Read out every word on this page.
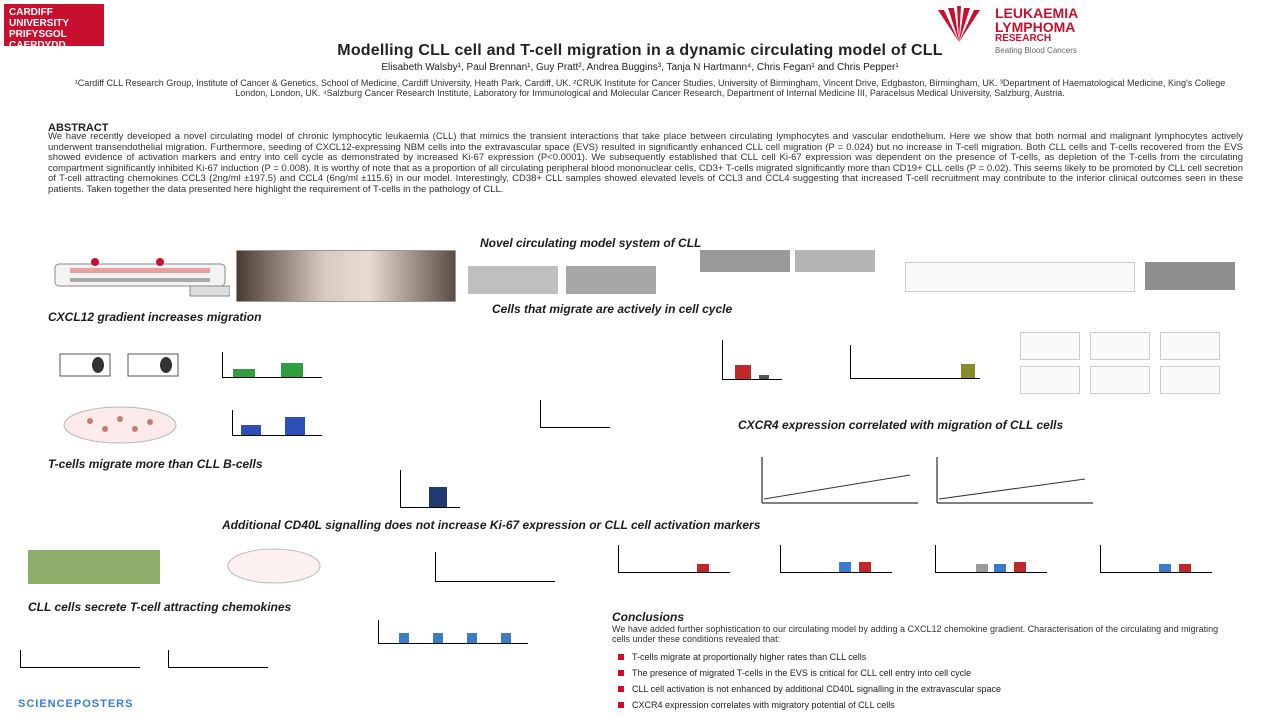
CARDIFF
UNIVERSITY
PRIFYSGOL
CAERDYDD
LEUKAEMIA
LYMPHOMA
RESEARCH
Beating Blood Cancers
Modelling CLL cell and T-cell migration in a dynamic circulating model of CLL
Elisabeth Walsby¹, Paul Brennan¹, Guy Pratt², Andrea Buggins³, Tanja N Hartmann⁴, Chris Fegan¹ and Chris Pepper¹
¹Cardiff CLL Research Group, Institute of Cancer & Genetics, School of Medicine, Cardiff University, Heath Park, Cardiff, UK. ²CRUK Institute for Cancer Studies, University of Birmingham, Vincent Drive, Edgbaston, Birmingham, UK. ³Department of Haematological Medicine, King's College London, London, UK. ⁴Salzburg Cancer Research Institute, Laboratory for Immunological and Molecular Cancer Research, Department of Internal Medicine III, Paracelsus Medical University, Salzburg, Austria.
ABSTRACT
We have recently developed a novel circulating model of chronic lymphocytic leukaemia (CLL) that mimics the transient interactions that take place between circulating lymphocytes and vascular endothelium. Here we show that both normal and malignant lymphocytes actively underwent transendothelial migration. Furthermore, seeding of CXCL12-expressing NBM cells into the extravascular space (EVS) resulted in significantly enhanced CLL cell migration (P = 0.024) but no increase in T-cell migration. Both CLL cells and T-cells recovered from the EVS showed evidence of activation markers and entry into cell cycle as demonstrated by increased Ki-67 expression (P<0.0001). We subsequently established that CLL cell Ki-67 expression was dependent on the presence of T-cells, as depletion of the T-cells from the circulating compartment significantly inhibited Ki-67 induction (P = 0.008). It is worthy of note that as a proportion of all circulating peripheral blood mononuclear cells, CD3+ T-cells migrated significantly more than CD19+ CLL cells (P = 0.02). This seems likely to be promoted by CLL cell secretion of T-cell attracting chemokines CCL3 (2ng/ml ±197.5) and CCL4 (6ng/ml ±115.6) in our model. Interestingly, CD38+ CLL samples showed elevated levels of CCL3 and CCL4 suggesting that increased T-cell recruitment may contribute to the inferior clinical outcomes seen in these patients. Taken together the data presented here highlight the requirement of T-cells in the pathology of CLL.
Novel circulating model system of CLL
CXCL12 gradient increases migration
Cells that migrate are actively in cell cycle
T-cells migrate more than CLL B-cells
CXCR4 expression correlated with migration of CLL cells
Additional CD40L signalling does not increase Ki-67 expression or CLL cell activation markers
CLL cells secrete T-cell attracting chemokines
Conclusions
We have added further sophistication to our circulating model by adding a CXCL12 chemokine gradient. Characterisation of the circulating and migrating cells under these conditions revealed that:
T-cells migrate at proportionally higher rates than CLL cells
The presence of migrated T-cells in the EVS is critical for CLL cell entry into cell cycle
CLL cell activation is not enhanced by additional CD40L signalling in the extravascular space
CXCR4 expression correlates with migratory potential of CLL cells
SCIENCEPOSTERS
